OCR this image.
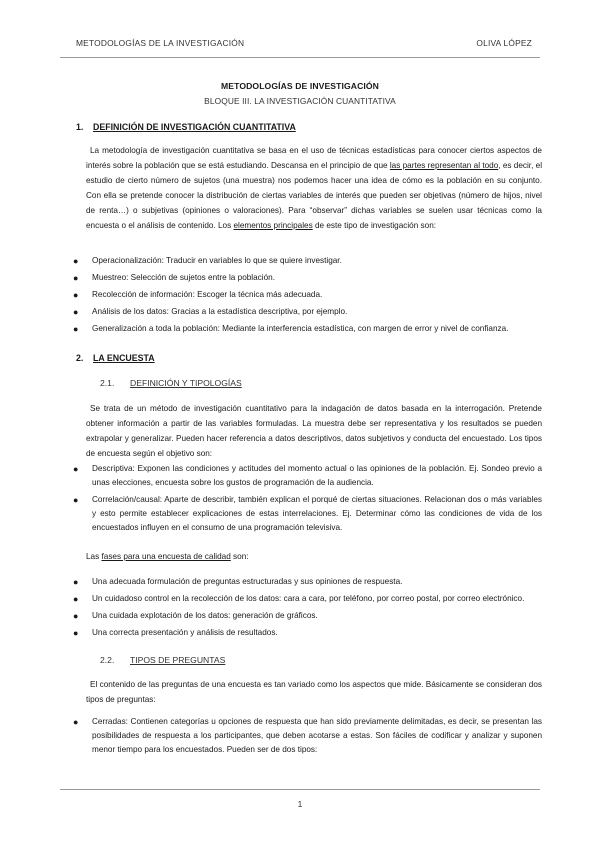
METODOLOGÍAS DE LA INVESTIGACIÓN	OLIVA LÓPEZ
METODOLOGÍAS DE INVESTIGACIÓN
BLOQUE III. LA INVESTIGACIÓN CUANTITATIVA
1. DEFINICIÓN DE INVESTIGACIÓN CUANTITATIVA
La metodología de investigación cuantitativa se basa en el uso de técnicas estadísticas para conocer ciertos aspectos de interés sobre la población que se está estudiando. Descansa en el principio de que las partes representan al todo, es decir, el estudio de cierto número de sujetos (una muestra) nos podemos hacer una idea de cómo es la población en su conjunto. Con ella se pretende conocer la distribución de ciertas variables de interés que pueden ser objetivas (número de hijos, nivel de renta…) o subjetivas (opiniones o valoraciones). Para “observar” dichas variables se suelen usar técnicas como la encuesta o el análisis de contenido. Los elementos principales de este tipo de investigación son:
● Operacionalización: Traducir en variables lo que se quiere investigar.
● Muestreo: Selección de sujetos entre la población.
● Recolección de información: Escoger la técnica más adecuada.
● Análisis de los datos: Gracias a la estadística descriptiva, por ejemplo.
● Generalización a toda la población: Mediante la interferencia estadística, con margen de error y nivel de confianza.
2. LA ENCUESTA
2.1. DEFINICIÓN Y TIPOLOGÍAS
Se trata de un método de investigación cuantitativo para la indagación de datos basada en la interrogación. Pretende obtener información a partir de las variables formuladas. La muestra debe ser representativa y los resultados se pueden extrapolar y generalizar. Pueden hacer referencia a datos descriptivos, datos subjetivos y conducta del encuestado. Los tipos de encuesta según el objetivo son:
● Descriptiva: Exponen las condiciones y actitudes del momento actual o las opiniones de la población. Ej. Sondeo previo a unas elecciones, encuesta sobre los gustos de programación de la audiencia.
● Correlación/causal: Aparte de describir, también explican el porqué de ciertas situaciones. Relacionan dos o más variables y esto permite establecer explicaciones de estas interrelaciones. Ej. Determinar cómo las condiciones de vida de los encuestados influyen en el consumo de una programación televisiva.
Las fases para una encuesta de calidad son:
● Una adecuada formulación de preguntas estructuradas y sus opiniones de respuesta.
● Un cuidadoso control en la recolección de los datos: cara a cara, por teléfono, por correo postal, por correo electrónico.
● Una cuidada explotación de los datos: generación de gráficos.
● Una correcta presentación y análisis de resultados.
2.2. TIPOS DE PREGUNTAS
El contenido de las preguntas de una encuesta es tan variado como los aspectos que mide. Básicamente se consideran dos tipos de preguntas:
● Cerradas: Contienen categorías u opciones de respuesta que han sido previamente delimitadas, es decir, se presentan las posibilidades de respuesta a los participantes, que deben acotarse a estas. Son fáciles de codificar y analizar y suponen menor tiempo para los encuestados. Pueden ser de dos tipos:
1
